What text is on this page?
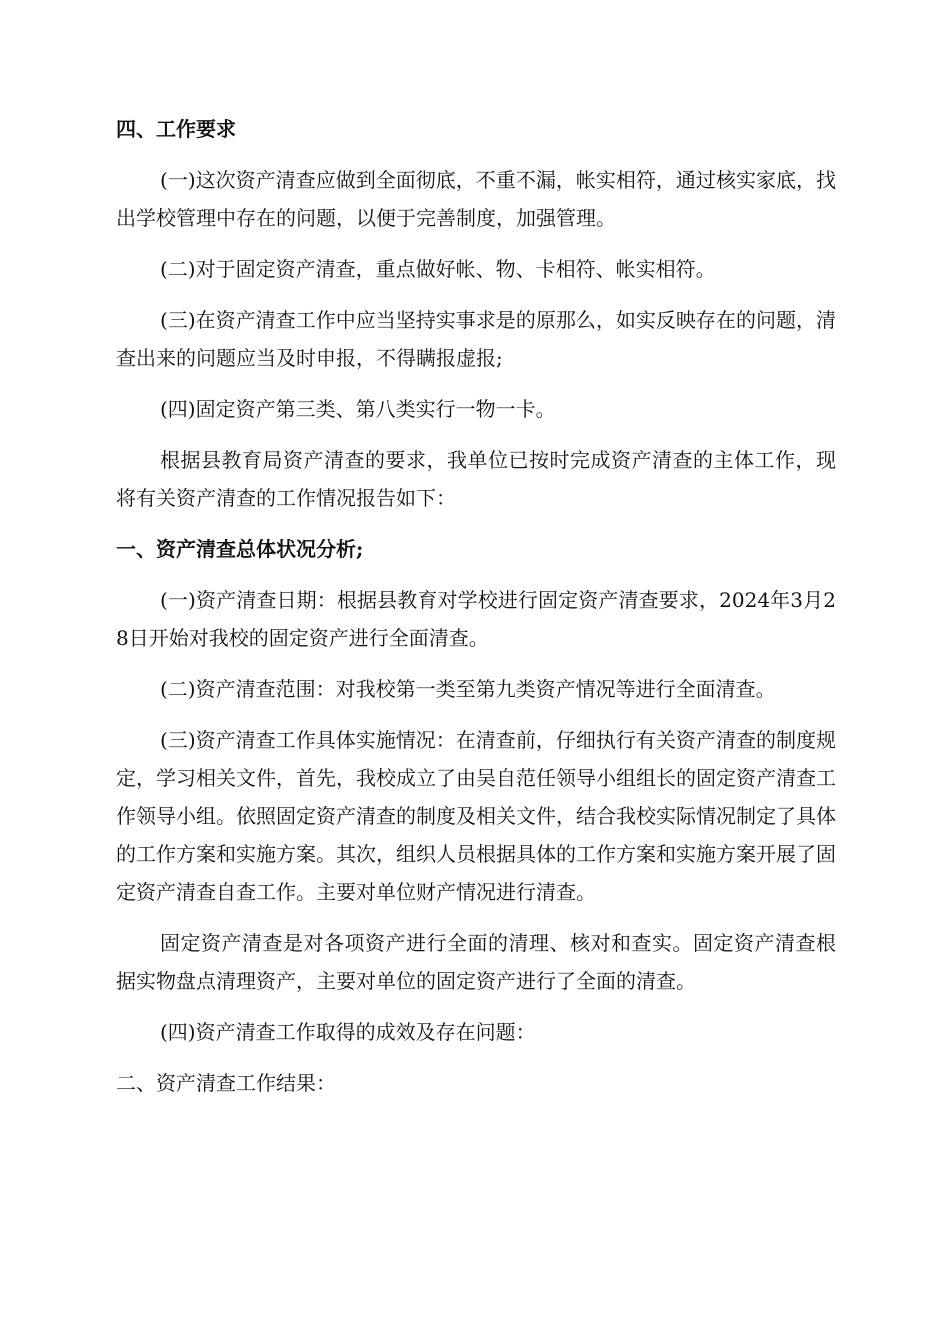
四、工作要求

(一)这次资产清查应做到全面彻底，不重不漏，帐实相符，通过核实家底，找出学校管理中存在的问题，以便于完善制度，加强管理。

(二)对于固定资产清查，重点做好帐、物、卡相符、帐实相符。

(三)在资产清查工作中应当坚持实事求是的原那么，如实反映存在的问题，清查出来的问题应当及时申报，不得瞒报虚报;

(四)固定资产第三类、第八类实行一物一卡。

根据县教育局资产清查的要求，我单位已按时完成资产清查的主体工作，现将有关资产清查的工作情况报告如下：

一、资产清查总体状况分析;

(一)资产清查日期：根据县教育对学校进行固定资产清查要求，2024年3月28日开始对我校的固定资产进行全面清查。

(二)资产清查范围：对我校第一类至第九类资产情况等进行全面清查。

(三)资产清查工作具体实施情况：在清查前，仔细执行有关资产清查的制度规定，学习相关文件，首先，我校成立了由吴自范任领导小组组长的固定资产清查工作领导小组。依照固定资产清查的制度及相关文件，结合我校实际情况制定了具体的工作方案和实施方案。其次，组织人员根据具体的工作方案和实施方案开展了固定资产清查自查工作。主要对单位财产情况进行清查。

固定资产清查是对各项资产进行全面的清理、核对和查实。固定资产清查根据实物盘点清理资产，主要对单位的固定资产进行了全面的清查。

(四)资产清查工作取得的成效及存在问题：

二、资产清查工作结果：
